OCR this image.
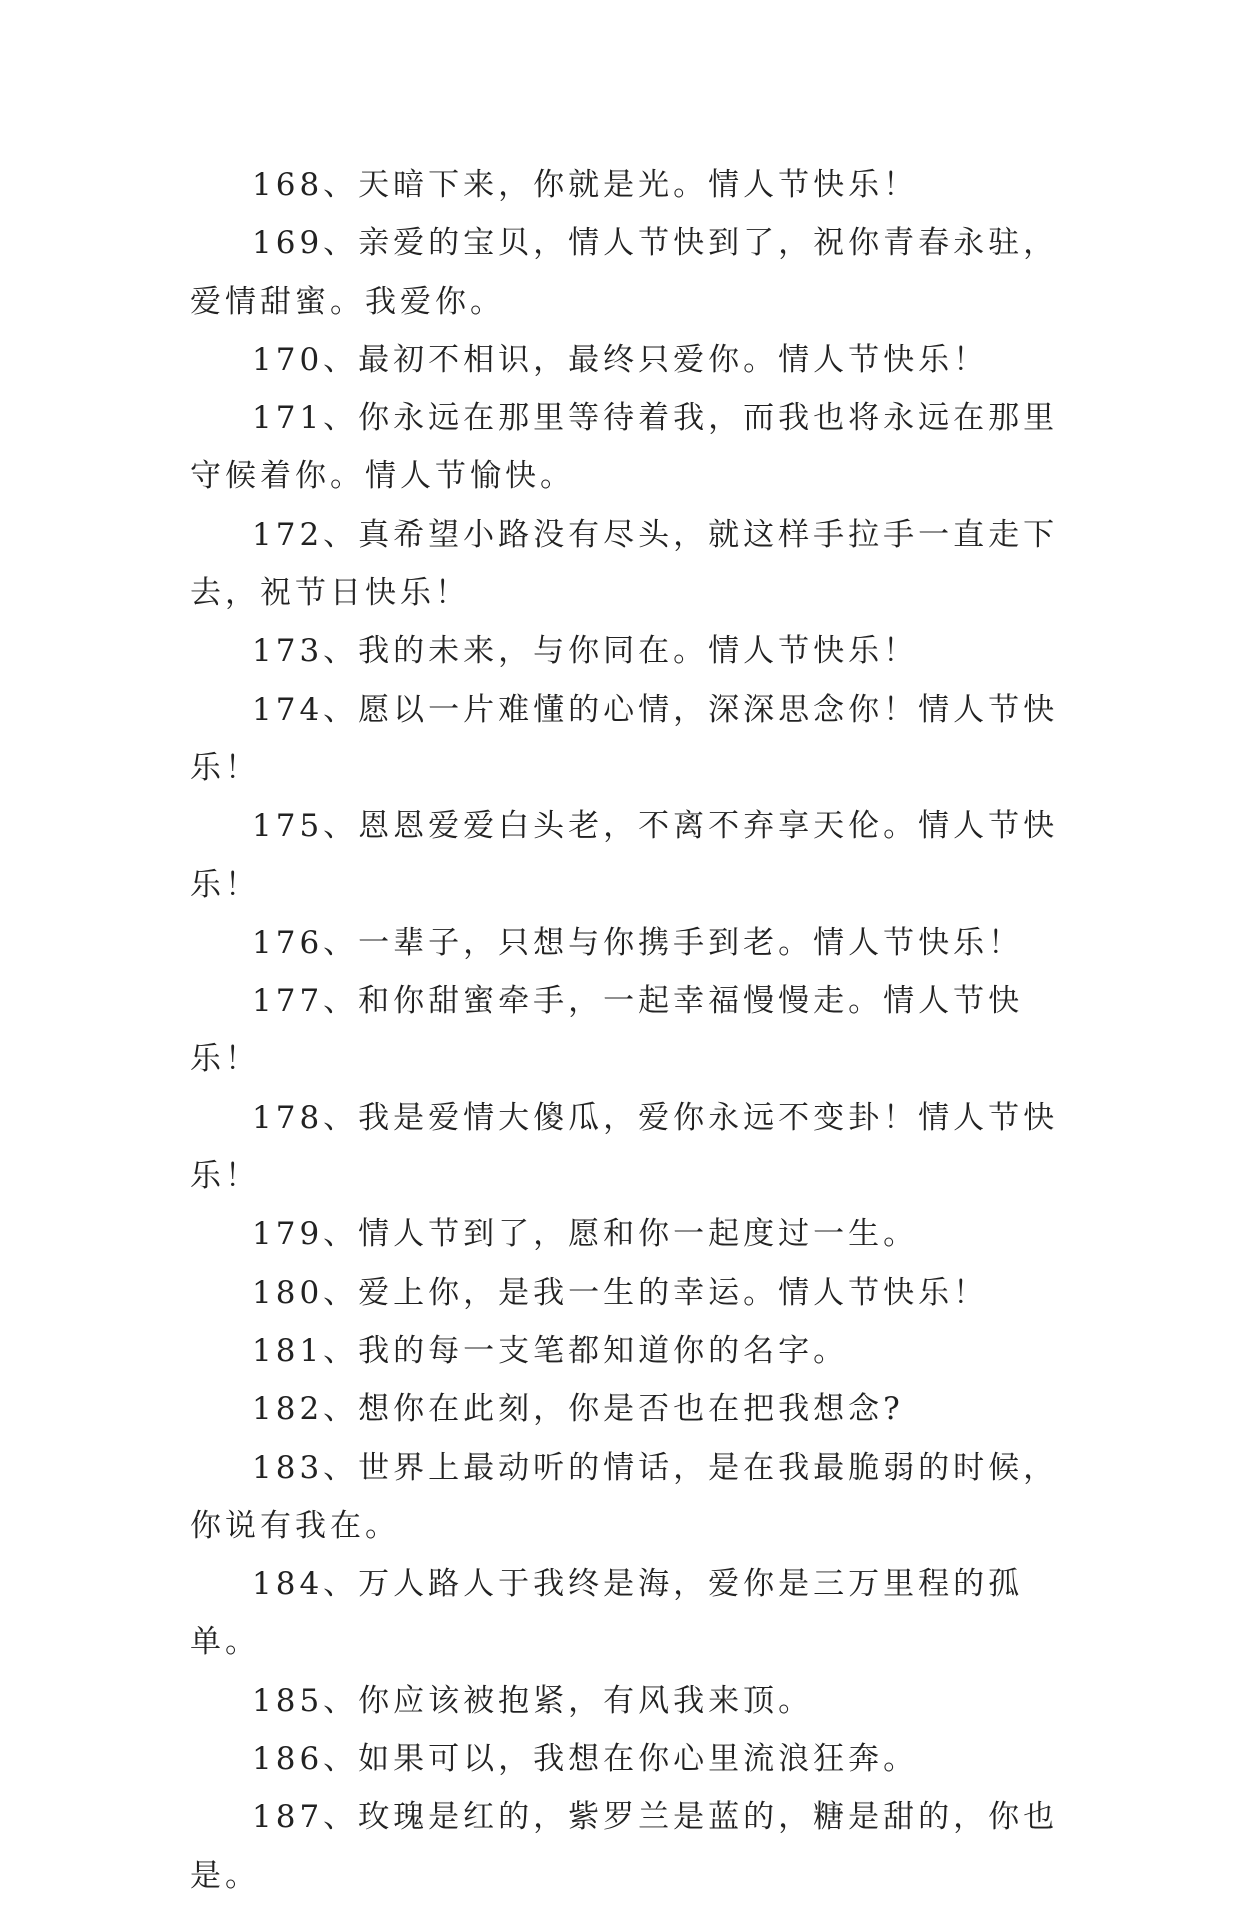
168、天暗下来，你就是光。情人节快乐！

169、亲爱的宝贝，情人节快到了，祝你青春永驻，爱情甜蜜。我爱你。

170、最初不相识，最终只爱你。情人节快乐！

171、你永远在那里等待着我，而我也将永远在那里守候着你。情人节愉快。

172、真希望小路没有尽头，就这样手拉手一直走下去，祝节日快乐！

173、我的未来，与你同在。情人节快乐！

174、愿以一片难懂的心情，深深思念你！情人节快乐！

175、恩恩爱爱白头老，不离不弃享天伦。情人节快乐！

176、一辈子，只想与你携手到老。情人节快乐！

177、和你甜蜜牵手，一起幸福慢慢走。情人节快乐！

178、我是爱情大傻瓜，爱你永远不变卦！情人节快乐！

179、情人节到了，愿和你一起度过一生。

180、爱上你，是我一生的幸运。情人节快乐！

181、我的每一支笔都知道你的名字。

182、想你在此刻，你是否也在把我想念?

183、世界上最动听的情话，是在我最脆弱的时候，你说有我在。

184、万人路人于我终是海，爱你是三万里程的孤单。

185、你应该被抱紧，有风我来顶。

186、如果可以，我想在你心里流浪狂奔。

187、玫瑰是红的，紫罗兰是蓝的，糖是甜的，你也是。
